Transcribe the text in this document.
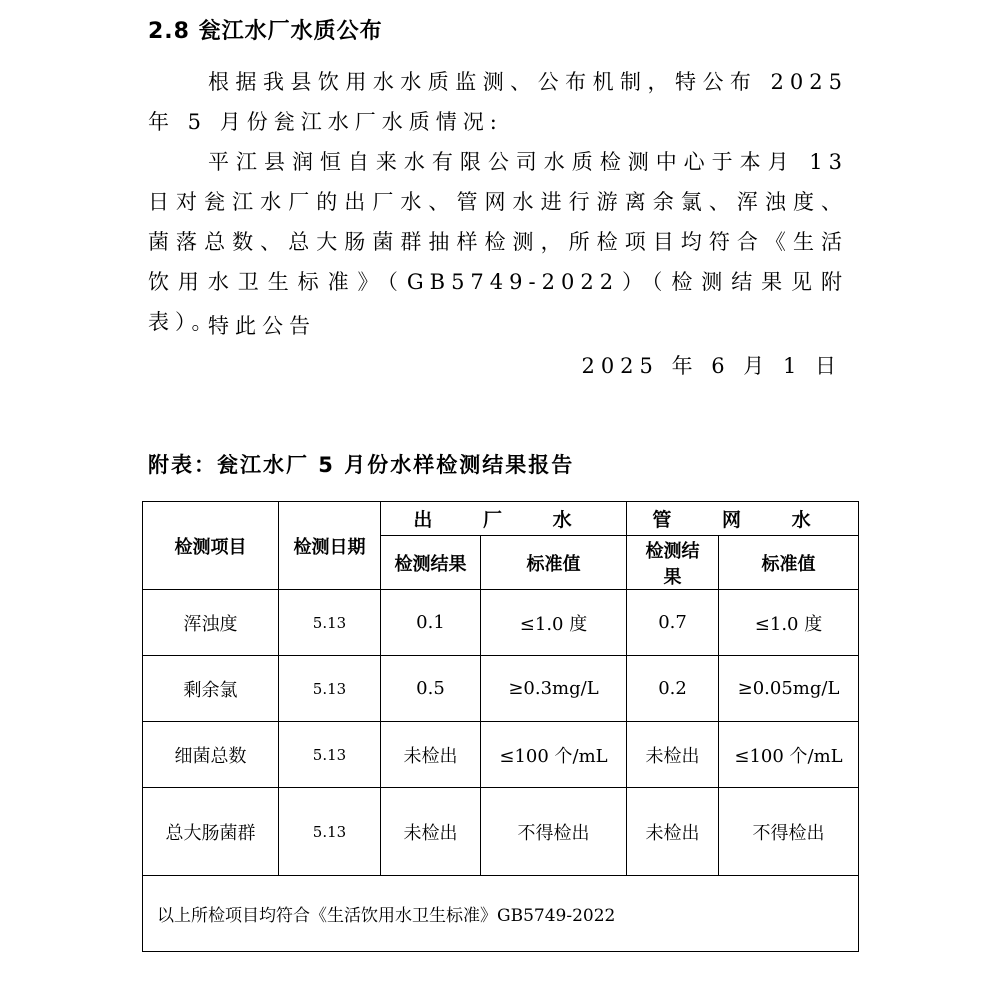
2.8 瓮江水厂水质公布
根据我县饮用水水质监测、公布机制，特公布 2025 年 5 月份瓮江水厂水质情况:
平江县润恒自来水有限公司水质检测中心于本月 13 日对瓮江水厂的出厂水、管网水进行游离余氯、浑浊度、菌落总数、总大肠菌群抽样检测，所检项目均符合《生活饮用水卫生标准》（GB5749-2022）（检测结果见附表）。
特此公告
2025 年 6 月 1 日
附表：瓮江水厂 5 月份水样检测结果报告
检测项目	检测日期	出 厂 水		管 网 水	
		检测结果	标准值	检测结果	标准值
浑浊度	5.13	0.1	≤1.0 度	0.7	≤1.0 度
剩余氯	5.13	0.5	≥0.3mg/L	0.2	≥0.05mg/L
细菌总数	5.13	未检出	≤100 个/mL	未检出	≤100 个/mL
总大肠菌群	5.13	未检出	不得检出	未检出	不得检出
以上所检项目均符合《生活饮用水卫生标准》GB5749-2022					
